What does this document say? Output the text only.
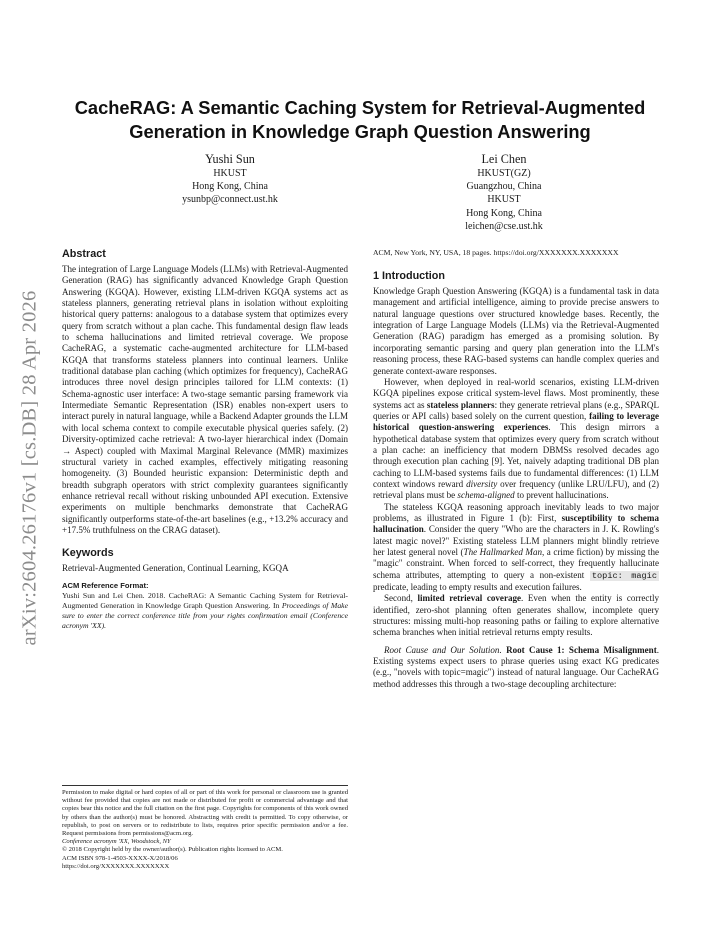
arXiv:2604.26176v1 [cs.DB] 28 Apr 2026
CacheRAG: A Semantic Caching System for Retrieval-Augmented
Generation in Knowledge Graph Question Answering
Yushi Sun
HKUST
Hong Kong, China
ysunbp@connect.ust.hk
Lei Chen
HKUST(GZ)
Guangzhou, China
HKUST
Hong Kong, China
leichen@cse.ust.hk
Abstract

The integration of Large Language Models (LLMs) with Retrieval-Augmented Generation (RAG) has significantly advanced Knowledge Graph Question Answering (KGQA). However, existing LLM-driven KGQA systems act as stateless planners, generating retrieval plans in isolation without exploiting historical query patterns: analogous to a database system that optimizes every query from scratch without a plan cache. This fundamental design flaw leads to schema hallucinations and limited retrieval coverage. We propose CacheRAG, a systematic cache-augmented architecture for LLM-based KGQA that transforms stateless planners into continual learners. Unlike traditional database plan caching (which optimizes for frequency), CacheRAG introduces three novel design principles tailored for LLM contexts: (1) Schema-agnostic user interface: A two-stage semantic parsing framework via Intermediate Semantic Representation (ISR) enables non-expert users to interact purely in natural language, while a Backend Adapter grounds the LLM with local schema context to compile executable physical queries safely. (2) Diversity-optimized cache retrieval: A two-layer hierarchical index (Domain → Aspect) coupled with Maximal Marginal Relevance (MMR) maximizes structural variety in cached examples, effectively mitigating reasoning homogeneity. (3) Bounded heuristic expansion: Deterministic depth and breadth subgraph operators with strict complexity guarantees significantly enhance retrieval recall without risking unbounded API execution. Extensive experiments on multiple benchmarks demonstrate that CacheRAG significantly outperforms state-of-the-art baselines (e.g., +13.2% accuracy and +17.5% truthfulness on the CRAG dataset).

Keywords

Retrieval-Augmented Generation, Continual Learning, KGQA

ACM Reference Format:

Yushi Sun and Lei Chen. 2018. CacheRAG: A Semantic Caching System for Retrieval-Augmented Generation in Knowledge Graph Question Answering. In Proceedings of Make sure to enter the correct conference title from your rights confirmation email (Conference acronym 'XX).

Permission to make digital or hard copies of all or part of this work for personal or classroom use is granted without fee provided that copies are not made or distributed for profit or commercial advantage and that copies bear this notice and the full citation on the first page. Copyrights for components of this work owned by others than the author(s) must be honored. Abstracting with credit is permitted. To copy otherwise, or republish, to post on servers or to redistribute to lists, requires prior specific permission and/or a fee. Request permissions from permissions@acm.org.

Conference acronym 'XX, Woodstock, NY
© 2018 Copyright held by the owner/author(s). Publication rights licensed to ACM.
ACM ISBN 978-1-4503-XXXX-X/2018/06
https://doi.org/XXXXXXX.XXXXXXX

ACM, New York, NY, USA, 18 pages. https://doi.org/XXXXXXX.XXXXXXX

1 Introduction

Knowledge Graph Question Answering (KGQA) is a fundamental task in data management and artificial intelligence, aiming to provide precise answers to natural language questions over structured knowledge bases. Recently, the integration of Large Language Models (LLMs) via the Retrieval-Augmented Generation (RAG) paradigm has emerged as a promising solution. By incorporating semantic parsing and query plan generation into the LLM's reasoning process, these RAG-based systems can handle complex queries and generate context-aware responses.

However, when deployed in real-world scenarios, existing LLM-driven KGQA pipelines expose critical system-level flaws. Most prominently, these systems act as stateless planners: they generate retrieval plans (e.g., SPARQL queries or API calls) based solely on the current question, failing to leverage historical question-answering experiences. This design mirrors a hypothetical database system that optimizes every query from scratch without a plan cache: an inefficiency that modern DBMSs resolved decades ago through execution plan caching [9]. Yet, naively adapting traditional DB plan caching to LLM-based systems fails due to fundamental differences: (1) LLM context windows reward diversity over frequency (unlike LRU/LFU), and (2) retrieval plans must be schema-aligned to prevent hallucinations.

The stateless KGQA reasoning approach inevitably leads to two major problems, as illustrated in Figure 1 (b): First, susceptibility to schema hallucination. Consider the query "Who are the characters in J. K. Rowling's latest magic novel?" Existing stateless LLM planners might blindly retrieve her latest general novel (The Hallmarked Man, a crime fiction) by missing the "magic" constraint. When forced to self-correct, they frequently hallucinate schema attributes, attempting to query a non-existent topic: magic predicate, leading to empty results and execution failures.

Second, limited retrieval coverage. Even when the entity is correctly identified, zero-shot planning often generates shallow, incomplete query structures: missing multi-hop reasoning paths or failing to explore alternative schema branches when initial retrieval returns empty results.

Root Cause and Our Solution. Root Cause 1: Schema Misalignment. Existing systems expect users to phrase queries using exact KG predicates (e.g., "novels with topic=magic") instead of natural language. Our CacheRAG method addresses this through a two-stage decoupling architecture:
